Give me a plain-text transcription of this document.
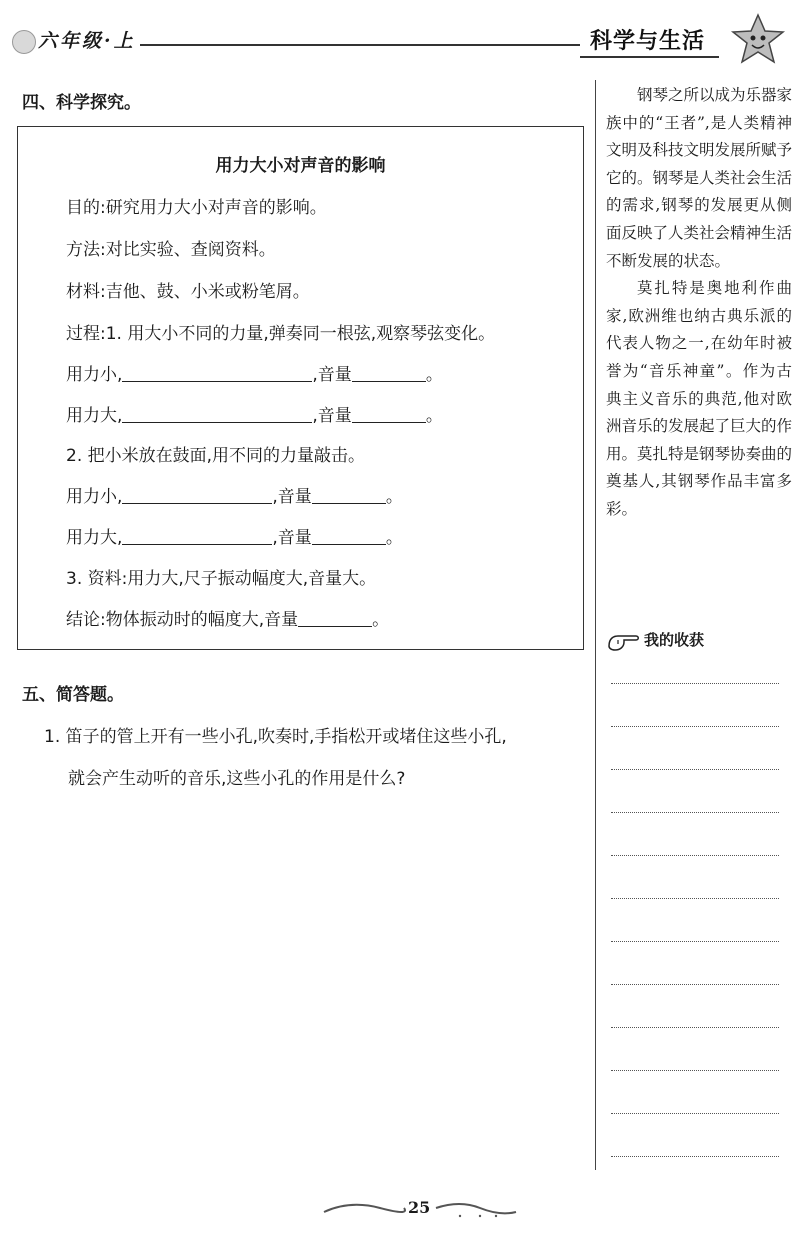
六年级·上	科学与生活
四、科学探究。
用力大小对声音的影响
目的:研究用力大小对声音的影响。
方法:对比实验、查阅资料。
材料:吉他、鼓、小米或粉笔屑。
过程:1. 用大小不同的力量,弹奏同一根弦,观察琴弦变化。
用力小,	,音量	。
用力大,	,音量	。
2. 把小米放在鼓面,用不同的力量敲击。
用力小,	,音量	。
用力大,	,音量	。
3. 资料:用力大,尺子振动幅度大,音量大。
结论:物体振动时的幅度大,音量	。
五、简答题。
1. 笛子的管上开有一些小孔,吹奏时,手指松开或堵住这些小孔,
就会产生动听的音乐,这些小孔的作用是什么?

钢琴之所以成为乐器家族中的“王者”,是人类精神文明及科技文明发展所赋予它的。钢琴是人类社会生活的需求,钢琴的发展更从侧面反映了人类社会精神生活不断发展的状态。

莫扎特是奥地利作曲家,欧洲维也纳古典乐派的代表人物之一,在幼年时被誉为“音乐神童”。作为古典主义音乐的典范,他对欧洲音乐的发展起了巨大的作用。莫扎特是钢琴协奏曲的奠基人,其钢琴作品丰富多彩。

我的收获
25
